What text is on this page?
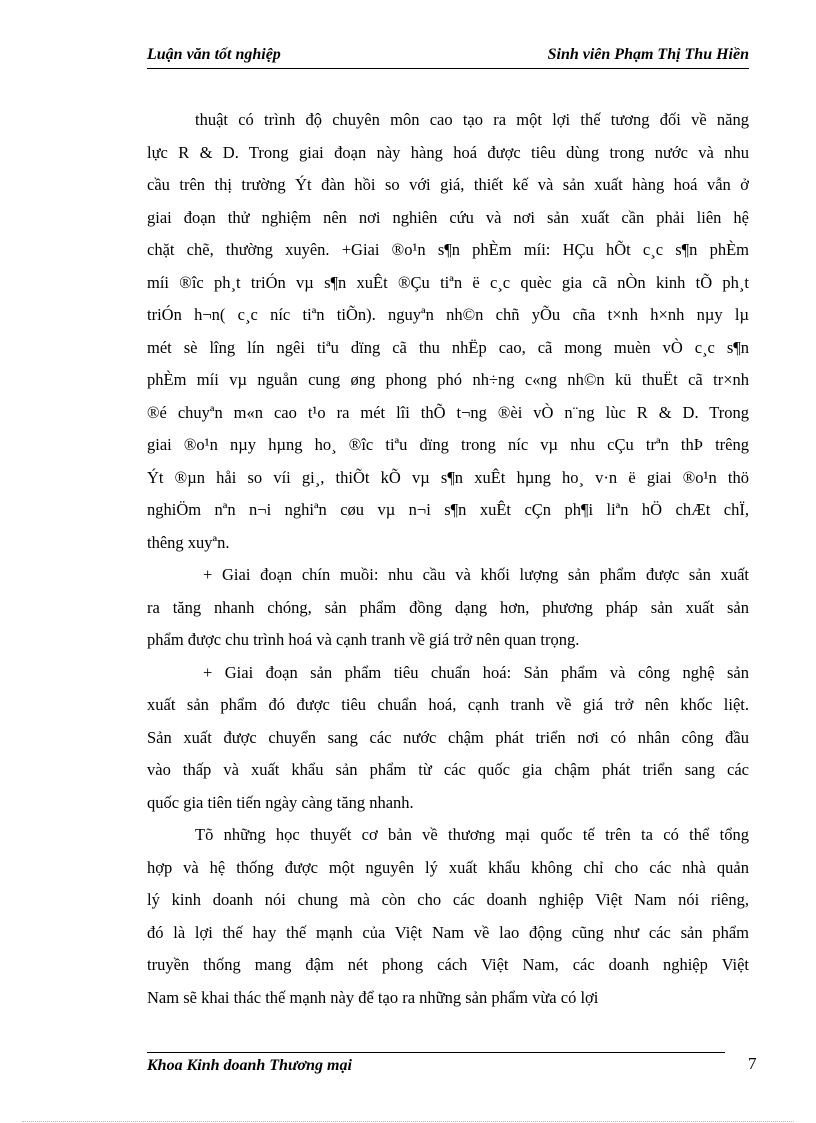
Luận văn tốt nghiệp	Sinh viên Phạm Thị Thu Hiền
thuật có trình độ chuyên môn cao tạo ra một lợi thế tương đối về năng
lực R & D. Trong giai đoạn này hàng hoá được tiêu dùng trong nước và nhu
cầu trên thị trường Ýt đàn hồi so với giá, thiết kế và sản xuất hàng hoá vẫn ở
giai đoạn thử nghiệm nên nơi nghiên cứu và nơi sản xuất cần phải liên hệ
chặt chẽ, thường xuyên. +Giai ®o¹n s¶n phÈm míi: HÇu hÕt c¸c s¶n phÈm
míi ®îc ph¸t triÓn vµ s¶n xuÊt ®Çu tiªn ë c¸c quèc gia cã nÒn kinh tÕ ph¸t
triÓn h¬n( c¸c níc tiªn tiÕn). nguyªn nh©n chñ yÕu cña t×nh h×nh nµy lµ
mét sè lîng lín ngêi tiªu dïng cã thu nhËp cao, cã mong muèn vÒ c¸c s¶n
phÈm míi vµ nguån cung øng phong phó nh÷ng c«ng nh©n kü thuËt cã tr×nh
®é chuyªn m«n cao t¹o ra mét lîi thÕ t¬ng ®èi vÒ n¨ng lùc R & D. Trong
giai ®o¹n nµy hµng ho¸ ®îc tiªu dïng trong níc vµ nhu cÇu trªn thÞ trêng
Ýt ®µn håi so víi gi¸, thiÕt kÕ vµ s¶n xuÊt hµng ho¸ v·n ë giai ®o¹n thö
nghiÖm nªn n¬i nghiªn cøu vµ n¬i s¶n xuÊt cÇn ph¶i liªn hÖ chÆt chÏ,
thêng xuyªn.
+ Giai đoạn chín muồi: nhu cầu và khối lượng sản phẩm được sản xuất
ra tăng nhanh chóng, sản phẩm đồng dạng hơn, phương pháp sản xuất sản
phẩm được chu trình hoá và cạnh tranh về giá trở nên quan trọng.
+ Giai đoạn sản phẩm tiêu chuẩn hoá: Sản phẩm và công nghệ sản
xuất sản phẩm đó được tiêu chuẩn hoá, cạnh tranh về giá trở nên khốc liệt.
Sản xuất được chuyển sang các nước chậm phát triển nơi có nhân công đầu
vào thấp và xuất khẩu sản phẩm từ các quốc gia chậm phát triển sang các
quốc gia tiên tiến ngày càng tăng nhanh.
Tõ những học thuyết cơ bản về thương mại quốc tế trên ta có thể tổng
hợp và hệ thống được một nguyên lý xuất khẩu không chỉ cho các nhà quản
lý kinh doanh nói chung mà còn cho các doanh nghiệp Việt Nam nói riêng,
đó là lợi thế hay thế mạnh của Việt Nam về lao động cũng như các sản phẩm
truyền thống mang đậm nét phong cách Việt Nam, các doanh nghiệp Việt
Nam sẽ khai thác thế mạnh này để tạo ra những sản phẩm vừa có lợi
Khoa Kinh doanh Thương mại	7
